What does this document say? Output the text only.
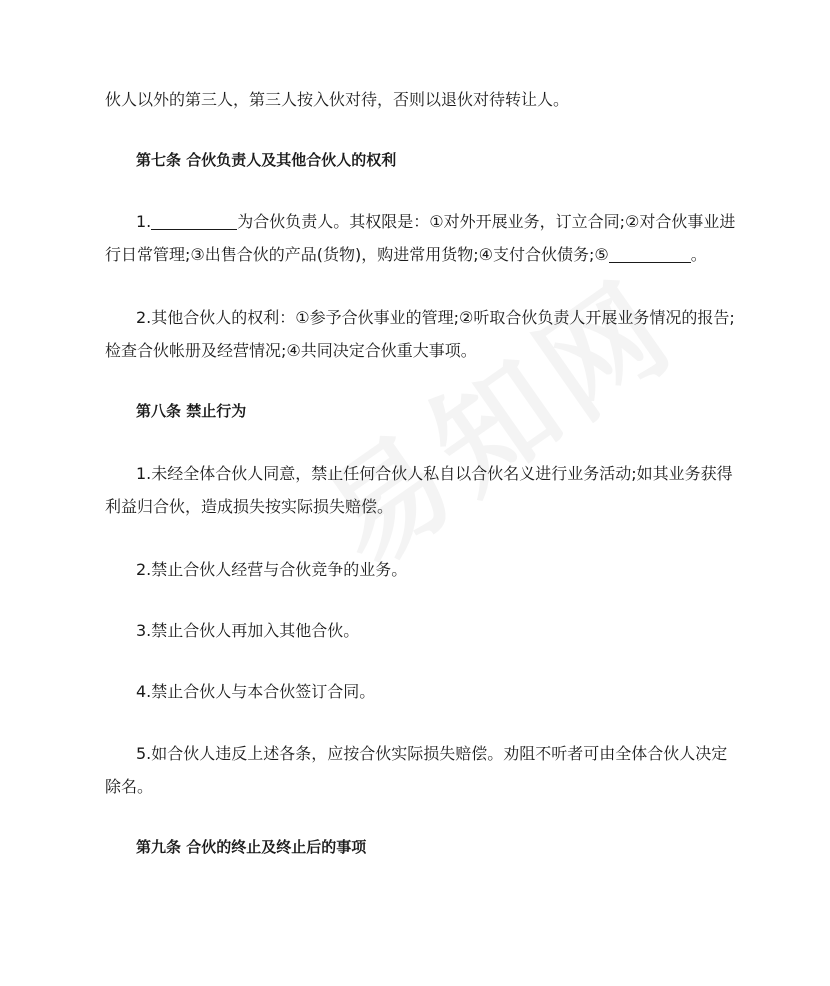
伙人以外的第三人，第三人按入伙对待，否则以退伙对待转让人。

第七条 合伙负责人及其他合伙人的权利

1.	为合伙负责人。其权限是：①对外开展业务，订立合同;②对合伙事业进

行日常管理;③出售合伙的产品(货物)，购进常用货物;④支付合伙债务;⑤	。

2.其他合伙人的权利：①参予合伙事业的管理;②听取合伙负责人开展业务情况的报告;

检查合伙帐册及经营情况;④共同决定合伙重大事项。

第八条 禁止行为

1.未经全体合伙人同意，禁止任何合伙人私自以合伙名义进行业务活动;如其业务获得

利益归合伙，造成损失按实际损失赔偿。

2.禁止合伙人经营与合伙竞争的业务。

3.禁止合伙人再加入其他合伙。

4.禁止合伙人与本合伙签订合同。

5.如合伙人违反上述各条，应按合伙实际损失赔偿。劝阻不听者可由全体合伙人决定

除名。

第九条 合伙的终止及终止后的事项
